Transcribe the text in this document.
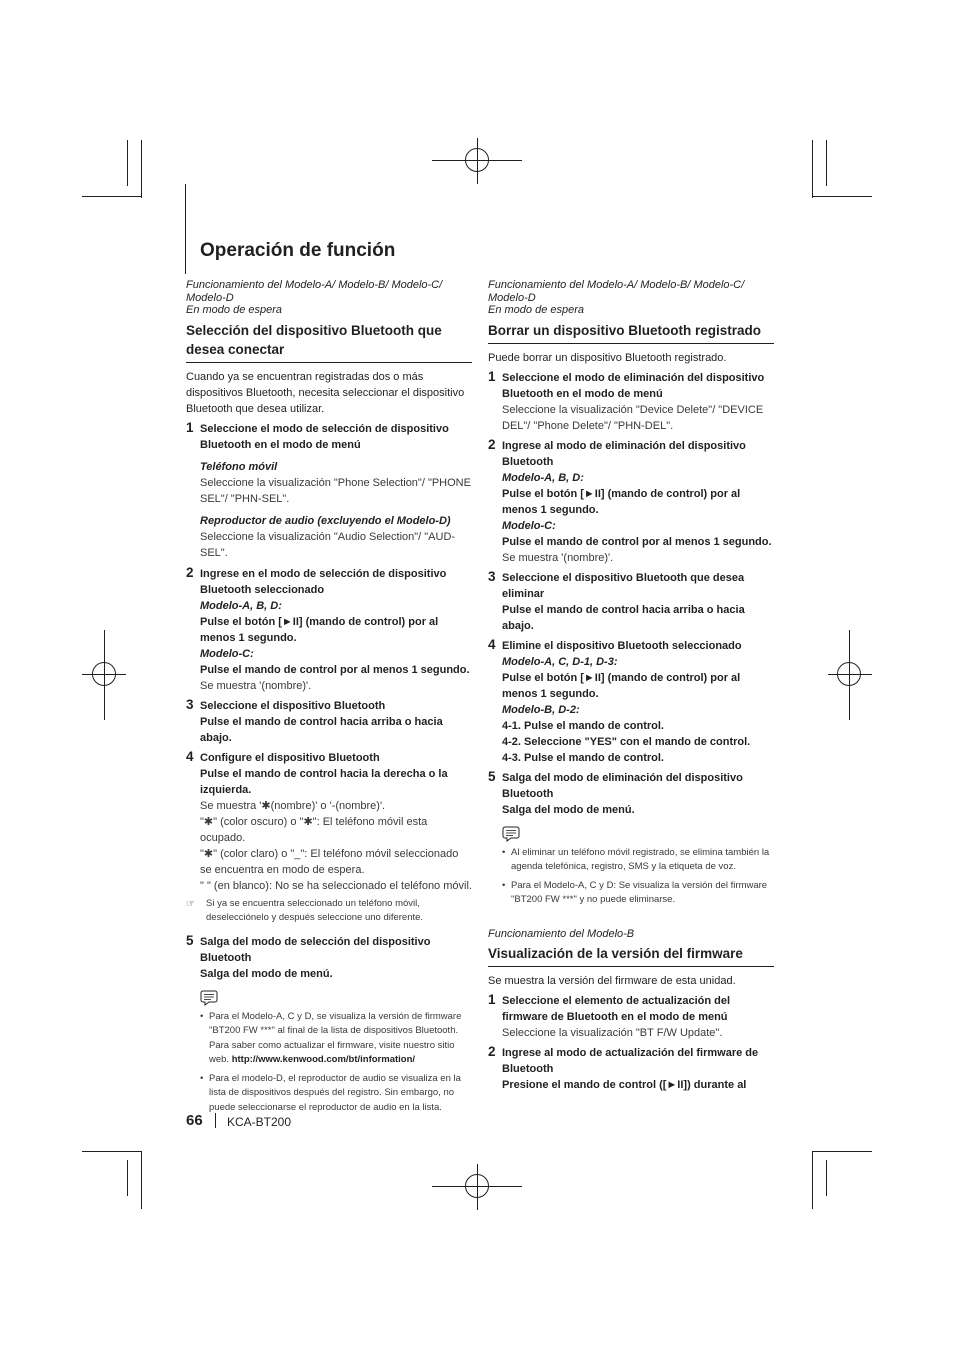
Operación de función

Funcionamiento del Modelo-A/ Modelo-B/ Modelo-C/ Modelo-D

En modo de espera

Selección del dispositivo Bluetooth que desea conectar

Cuando ya se encuentran registradas dos o más dispositivos Bluetooth, necesita seleccionar el dispositivo Bluetooth que desea utilizar.

1 Seleccione el modo de selección de dispositivo Bluetooth en el modo de menú
Teléfono móvil
Seleccione la visualización "Phone Selection"/ "PHONE SEL"/ "PHN-SEL".
Reproductor de audio (excluyendo el Modelo-D)
Seleccione la visualización "Audio Selection"/ "AUD-SEL".
2 Ingrese en el modo de selección de dispositivo Bluetooth seleccionado
Modelo-A, B, D:
Pulse el botón [►II] (mando de control) por al menos 1 segundo.
Modelo-C:
Pulse el mando de control por al menos 1 segundo.
Se muestra '(nombre)'.
3 Seleccione el dispositivo Bluetooth
Pulse el mando de control hacia arriba o hacia abajo.
4 Configure el dispositivo Bluetooth
Pulse el mando de control hacia la derecha o la izquierda.
Se muestra '✱(nombre)' o '-(nombre)'.
"✱" (color oscuro) o "✱": El teléfono móvil esta ocupado.
"✱" (color claro) o "_": El teléfono móvil seleccionado se encuentra en modo de espera.
" " (en blanco): No se ha seleccionado el teléfono móvil.
☞ Si ya se encuentra seleccionado un teléfono móvil, deselecciónelo y después seleccione uno diferente.
5 Salga del modo de selección del dispositivo Bluetooth
Salga del modo de menú.
• Para el Modelo-A, C y D, se visualiza la versión de firmware "BT200 FW ***" al final de la lista de dispositivos Bluetooth. Para saber como actualizar el firmware, visite nuestro sitio web. http://www.kenwood.com/bt/information/
• Para el modelo-D, el reproductor de audio se visualiza en la lista de dispositivos después del registro. Sin embargo, no puede seleccionarse el reproductor de audio en la lista.

Funcionamiento del Modelo-A/ Modelo-B/ Modelo-C/ Modelo-D

En modo de espera

Borrar un dispositivo Bluetooth registrado

Puede borrar un dispositivo Bluetooth registrado.

1 Seleccione el modo de eliminación del dispositivo Bluetooth en el modo de menú
Seleccione la visualización "Device Delete"/ "DEVICE DEL"/ "Phone Delete"/ "PHN-DEL".
2 Ingrese al modo de eliminación del dispositivo Bluetooth
Modelo-A, B, D:
Pulse el botón [►II] (mando de control) por al menos 1 segundo.
Modelo-C:
Pulse el mando de control por al menos 1 segundo.
Se muestra '(nombre)'.
3 Seleccione el dispositivo Bluetooth que desea eliminar
Pulse el mando de control hacia arriba o hacia abajo.
4 Elimine el dispositivo Bluetooth seleccionado
Modelo-A, C, D-1, D-3:
Pulse el botón [►II] (mando de control) por al menos 1 segundo.
Modelo-B, D-2:
4-1. Pulse el mando de control.
4-2. Seleccione "YES" con el mando de control.
4-3. Pulse el mando de control.
5 Salga del modo de eliminación del dispositivo Bluetooth
Salga del modo de menú.
• Al eliminar un teléfono móvil registrado, se elimina también la agenda telefónica, registro, SMS y la etiqueta de voz.
• Para el Modelo-A, C y D: Se visualiza la versión del firmware "BT200 FW ***" y no puede eliminarse.

Funcionamiento del Modelo-B

Visualización de la versión del firmware

Se muestra la versión del firmware de esta unidad.

1 Seleccione el elemento de actualización del firmware de Bluetooth en el modo de menú
Seleccione la visualización "BT F/W Update".
2 Ingrese al modo de actualización del firmware de Bluetooth
Presione el mando de control ([►II]) durante al
66 KCA-BT200
